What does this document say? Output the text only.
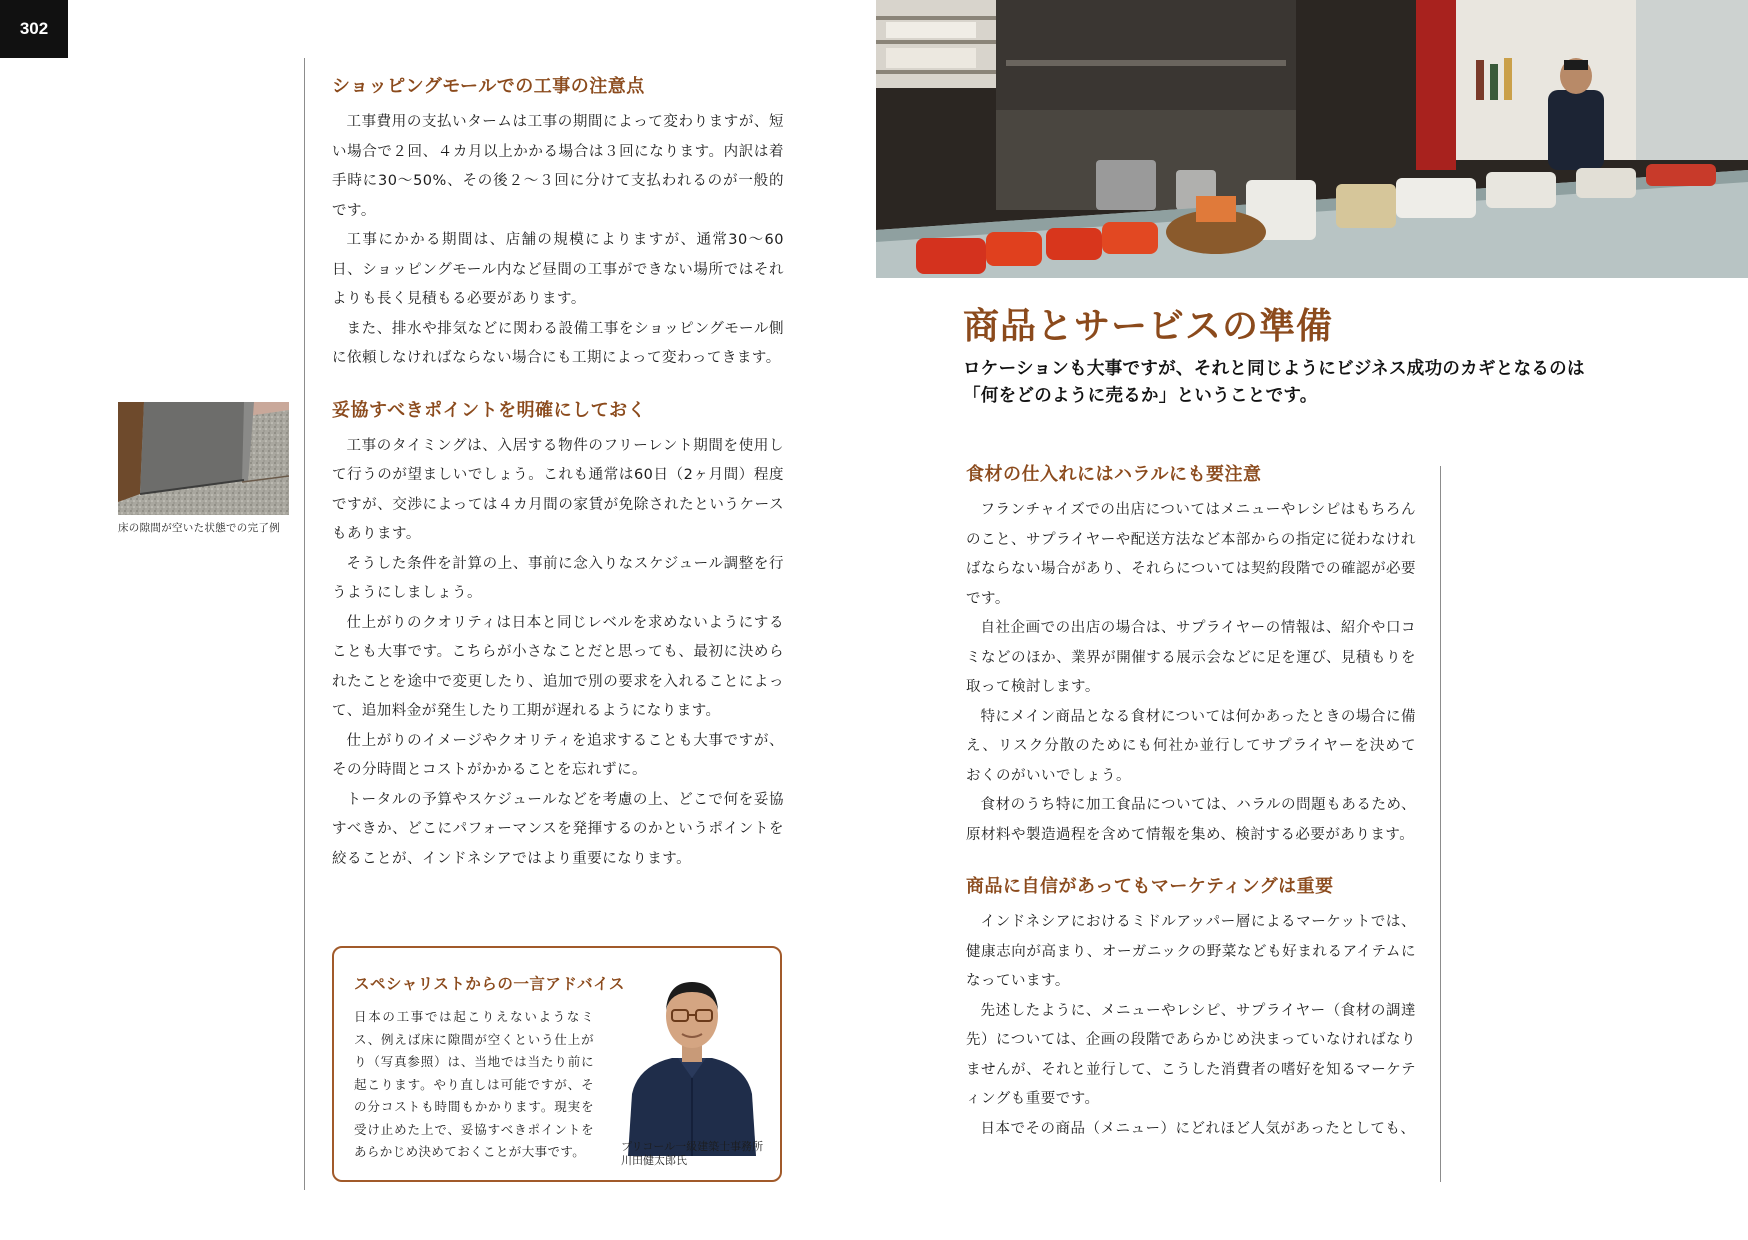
302
ショッピングモールでの工事の注意点

工事費用の支払いタームは工事の期間によって変わりますが、短い場合で２回、４カ月以上かかる場合は３回になります。内訳は着手時に30～50%、その後２～３回に分けて支払われるのが一般的です。

工事にかかる期間は、店舗の規模によりますが、通常30～60日、ショッピングモール内など昼間の工事ができない場所ではそれよりも長く見積もる必要があります。

また、排水や排気などに関わる設備工事をショッピングモール側に依頼しなければならない場合にも工期によって変わってきます。

妥協すべきポイントを明確にしておく

工事のタイミングは、入居する物件のフリーレント期間を使用して行うのが望ましいでしょう。これも通常は60日（2ヶ月間）程度ですが、交渉によっては４カ月間の家賃が免除されたというケースもあります。

そうした条件を計算の上、事前に念入りなスケジュール調整を行うようにしましょう。

仕上がりのクオリティは日本と同じレベルを求めないようにすることも大事です。こちらが小さなことだと思っても、最初に決められたことを途中で変更したり、追加で別の要求を入れることによって、追加料金が発生したり工期が遅れるようになります。

仕上がりのイメージやクオリティを追求することも大事ですが、その分時間とコストがかかることを忘れずに。

トータルの予算やスケジュールなどを考慮の上、どこで何を妥協すべきか、どこにパフォーマンスを発揮するのかというポイントを絞ることが、インドネシアではより重要になります。

床の隙間が空いた状態での完了例
スペシャリストからの一言アドバイス
日本の工事では起こりえないようなミス、例えば床に隙間が空くという仕上がり（写真参照）は、当地では当たり前に起こります。やり直しは可能ですが、その分コストも時間もかかります。現実を受け止めた上で、妥協すべきポイントをあらかじめ決めておくことが大事です。	プリコール一級建築士事務所
川田健太郎氏
商品とサービスの準備
ロケーションも大事ですが、それと同じようにビジネス成功のカギとなるのは
「何をどのように売るか」ということです。
食材の仕入れにはハラルにも要注意

フランチャイズでの出店についてはメニューやレシピはもちろんのこと、サプライヤーや配送方法など本部からの指定に従わなければならない場合があり、それらについては契約段階での確認が必要です。

自社企画での出店の場合は、サプライヤーの情報は、紹介や口コミなどのほか、業界が開催する展示会などに足を運び、見積もりを取って検討します。

特にメイン商品となる食材については何かあったときの場合に備え、リスク分散のためにも何社か並行してサプライヤーを決めておくのがいいでしょう。

食材のうち特に加工食品については、ハラルの問題もあるため、原材料や製造過程を含めて情報を集め、検討する必要があります。

商品に自信があってもマーケティングは重要

インドネシアにおけるミドルアッパー層によるマーケットでは、健康志向が高まり、オーガニックの野菜なども好まれるアイテムになっています。

先述したように、メニューやレシピ、サプライヤー（食材の調達先）については、企画の段階であらかじめ決まっていなければなりませんが、それと並行して、こうした消費者の嗜好を知るマーケティングも重要です。

日本でその商品（メニュー）にどれほど人気があったとしても、
